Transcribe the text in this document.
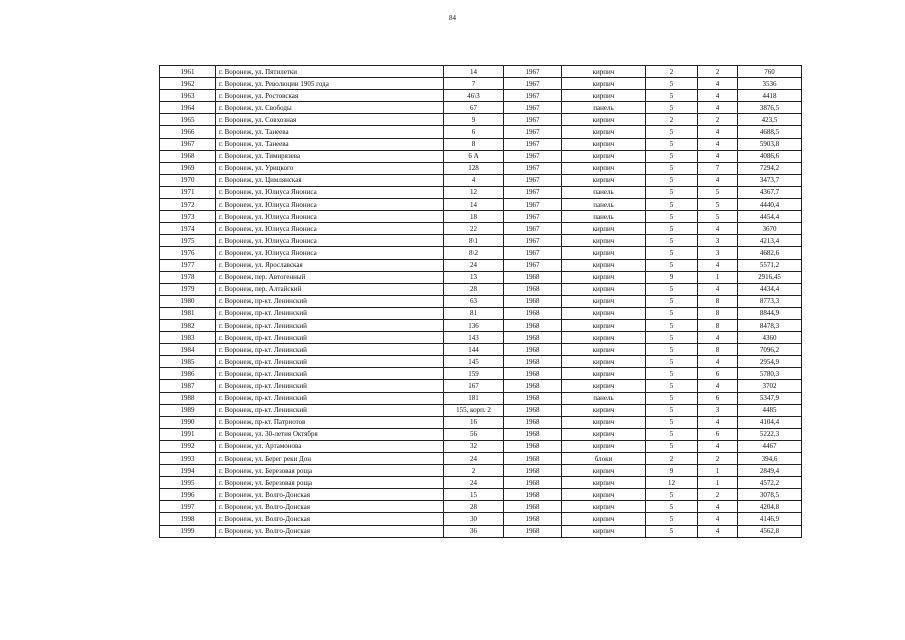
84
1961	г. Воронеж, ул. Пятилетки	14	1967	кирпич	2	2	760
1962	г. Воронеж, ул. Революции 1905 года	7	1967	кирпич	5	4	3536
1963	г. Воронеж, ул. Ростовская	46\3	1967	кирпич	5	4	4418
1964	г. Воронеж, ул. Свободы	67	1967	панель	5	4	3876,5
1965	г. Воронеж, ул. Совхозная	9	1967	кирпич	2	2	423,5
1966	г. Воронеж, ул. Танеева	6	1967	кирпич	5	4	4688,5
1967	г. Воронеж, ул. Танеева	8	1967	кирпич	5	4	5903,8
1968	г. Воронеж, ул. Тимирязева	6 А	1967	кирпич	5	4	4086,6
1969	г. Воронеж, ул. Урицкого	128	1967	кирпич	5	7	7294,2
1970	г. Воронеж, ул. Цимлянская	4	1967	кирпич	5	4	3473,7
1971	г. Воронеж, ул. Юлиуса Янониса	12	1967	панель	5	5	4367,7
1972	г. Воронеж, ул. Юлиуса Янониса	14	1967	панель	5	5	4440,4
1973	г. Воронеж, ул. Юлиуса Янониса	18	1967	панель	5	5	4454,4
1974	г. Воронеж, ул. Юлиуса Янониса	22	1967	кирпич	5	4	3670
1975	г. Воронеж, ул. Юлиуса Янониса	8\1	1967	кирпич	5	3	4213,4
1976	г. Воронеж, ул. Юлиуса Янониса	8\2	1967	кирпич	5	3	4682,6
1977	г. Воронеж, ул. Ярославская	24	1967	кирпич	5	4	5571,2
1978	г. Воронеж, пер. Автогенный	13	1968	кирпич	9	1	2916,45
1979	г. Воронеж, пер. Алтайский	28	1968	кирпич	5	4	4434,4
1980	г. Воронеж, пр-кт. Ленинский	63	1968	кирпич	5	8	8773,3
1981	г. Воронеж, пр-кт. Ленинский	81	1968	кирпич	5	8	8844,9
1982	г. Воронеж, пр-кт. Ленинский	136	1968	кирпич	5	8	8478,3
1983	г. Воронеж, пр-кт. Ленинский	143	1968	кирпич	5	4	4360
1984	г. Воронеж, пр-кт. Ленинский	144	1968	кирпич	5	8	7096,2
1985	г. Воронеж, пр-кт. Ленинский	145	1968	кирпич	5	4	2954,9
1986	г. Воронеж, пр-кт. Ленинский	159	1968	кирпич	5	6	5780,3
1987	г. Воронеж, пр-кт. Ленинский	167	1968	кирпич	5	4	3702
1988	г. Воронеж, пр-кт. Ленинский	181	1968	панель	5	6	5347,9
1989	г. Воронеж, пр-кт. Ленинский	155, корп. 2	1968	кирпич	5	3	4485
1990	г. Воронеж, пр-кт. Патриотов	16	1968	кирпич	5	4	4104,4
1991	г. Воронеж, ул. 30-летия Октября	56	1968	кирпич	5	6	5222,3
1992	г. Воронеж, ул. Артамонова	32	1968	кирпич	5	4	4467
1993	г. Воронеж, ул. Берег реки Дон	24	1968	блоки	2	2	394,6
1994	г. Воронеж, ул. Березовая роща	2	1968	кирпич	9	1	2849,4
1995	г. Воронеж, ул. Березовая роща	24	1968	кирпич	12	1	4572,2
1996	г. Воронеж, ул. Волго-Донская	15	1968	кирпич	5	2	3078,5
1997	г. Воронеж, ул. Волго-Донская	28	1968	кирпич	5	4	4204,8
1998	г. Воронеж, ул. Волго-Донская	30	1968	кирпич	5	4	4146,9
1999	г. Воронеж, ул. Волго-Донская	36	1968	кирпич	5	4	4562,8
